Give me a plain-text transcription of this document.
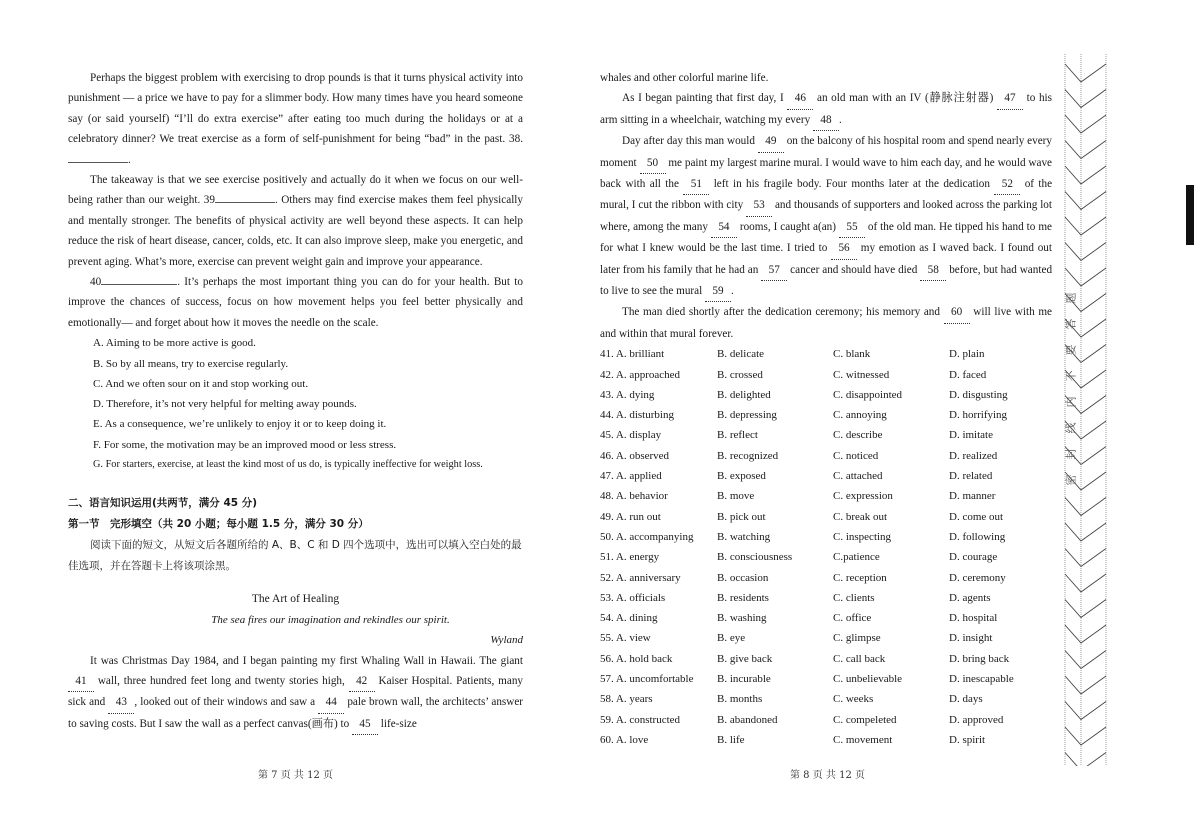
Perhaps the biggest problem with exercising to drop pounds is that it turns physical activity into punishment — a price we have to pay for a slimmer body. How many times have you heard someone say (or said yourself) “I’ll do extra exercise” after eating too much during the holidays or at a celebratory dinner? We treat exercise as a form of self-punishment for being “bad” in the past. 38. .

The takeaway is that we see exercise positively and actually do it when we focus on our well-being rather than our weight. 39	. Others may find exercise makes them feel physically and mentally stronger. The benefits of physical activity are well beyond these aspects. It can help reduce the risk of heart disease, cancer, colds, etc. It can also improve sleep, make you energetic, and prevent aging. What’s more, exercise can prevent weight gain and improve your appearance.

40	. It’s perhaps the most important thing you can do for your health. But to improve the chances of success, focus on how movement helps you feel better physically and emotionally— and forget about how it moves the needle on the scale.

A. Aiming to be more active is good.

B. So by all means, try to exercise regularly.

C. And we often sour on it and stop working out.

D. Therefore, it’s not very helpful for melting away pounds.

E. As a consequence, we’re unlikely to enjoy it or to keep doing it.

F. For some, the motivation may be an improved mood or less stress.

G. For starters, exercise, at least the kind most of us do, is typically ineffective for weight loss.

二、语言知识运用(共两节，满分 45 分)

第一节　完形填空（共 20 小题；每小题 1.5 分，满分 30 分）

阅读下面的短文，从短文后各题所给的 A、B、C 和 D 四个选项中，选出可以填入空白处的最佳选项，并在答题卡上将该项涂黑。

The Art of Healing

The sea fires our imagination and rekindles our spirit.

Wyland

It was Christmas Day 1984, and I began painting my first Whaling Wall in Hawaii. The giant 41 wall, three hundred feet long and twenty stories high, 42 Kaiser Hospital. Patients, many sick and 43 , looked out of their windows and saw a 44 pale brown wall, the architects’ answer to saving costs. But I saw the wall as a perfect canvas(画布) to 45 life-size

第 7 页 共 12 页

whales and other colorful marine life.

As I began painting that first day, I 46 an old man with an IV (静脉注射器) 47 to his arm sitting in a wheelchair, watching my every 48 .

Day after day this man would 49 on the balcony of his hospital room and spend nearly every moment 50 me paint my largest marine mural. I would wave to him each day, and he would wave back with all the 51 left in his fragile body. Four months later at the dedication 52 of the mural, I cut the ribbon with city 53 and thousands of supporters and looked across the parking lot where, among the many 54 rooms, I caught a(an) 55 of the old man. He tipped his hand to me for what I knew would be the last time. I tried to 56 my emotion as I waved back. I found out later from his family that he had an 57 cancer and should have died 58 before, but had wanted to live to see the mural 59 .

The man died shortly after the dedication ceremony; his memory and 60 will live with me and within that mural forever.

41. A. brilliant	B. delicate	C. blank	D. plain
42. A. approached	B. crossed	C. witnessed	D. faced
43. A. dying	B. delighted	C. disappointed	D. disgusting
44. A. disturbing	B. depressing	C. annoying	D. horrifying
45. A. display	B. reflect	C. describe	D. imitate
46. A. observed	B. recognized	C. noticed	D. realized
47. A. applied	B. exposed	C. attached	D. related
48. A. behavior	B. move	C. expression	D. manner
49. A. run out	B. pick out	C. break out	D. come out
50. A. accompanying	B. watching	C. inspecting	D. following
51. A. energy	B. consciousness	C.patience	D. courage
52. A. anniversary	B. occasion	C. reception	D. ceremony
53. A. officials	B. residents	C. clients	D. agents
54. A. dining	B. washing	C. office	D. hospital
55. A. view	B. eye	C. glimpse	D. insight
56. A. hold back	B. give back	C. call back	D. bring back
57. A. uncomfortable	B. incurable	C. unbelievable	D. inescapable
58. A. years	B. months	C. weeks	D. days
59. A. constructed	B. abandoned	C. compeleted	D. approved
60. A. love	B. life	C. movement	D. spirit
第 8 页 共 12 页
密
封
线
内
不
要
答
题
